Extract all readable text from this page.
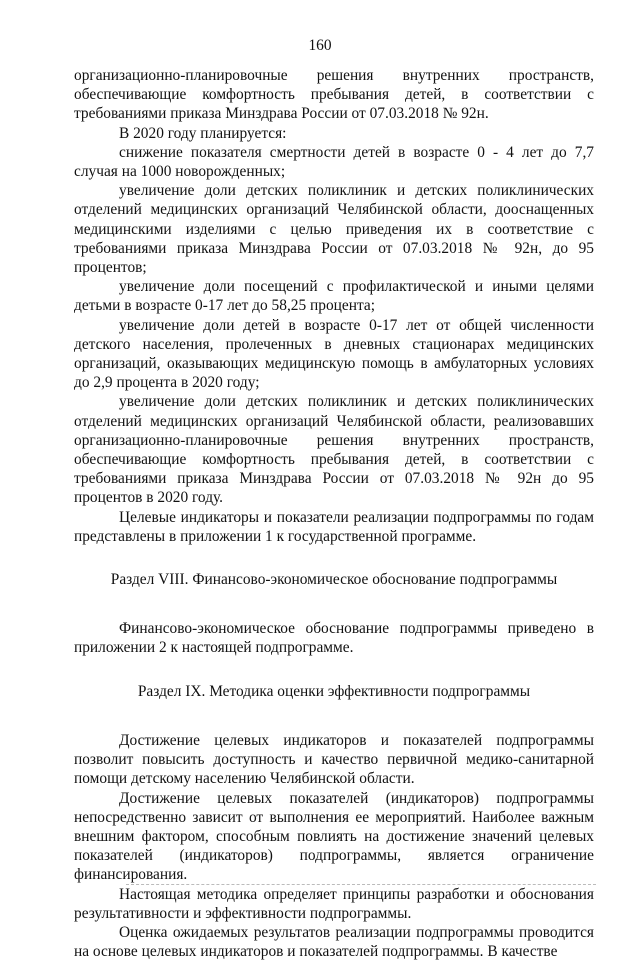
160

организационно-планировочные решения внутренних пространств, обеспечивающие комфортность пребывания детей, в соответствии с требованиями приказа Минздрава России от 07.03.2018 № 92н.

В 2020 году планируется:

снижение показателя смертности детей в возрасте 0 - 4 лет до 7,7 случая на 1000 новорожденных;

увеличение доли детских поликлиник и детских поликлинических отделений медицинских организаций Челябинской области, дооснащенных медицинскими изделиями с целью приведения их в соответствие с требованиями приказа Минздрава России от 07.03.2018 № 92н, до 95 процентов;

увеличение доли посещений с профилактической и иными целями детьми в возрасте 0-17 лет до 58,25 процента;

увеличение доли детей в возрасте 0-17 лет от общей численности детского населения, пролеченных в дневных стационарах медицинских организаций, оказывающих медицинскую помощь в амбулаторных условиях до 2,9 процента в 2020 году;

увеличение доли детских поликлиник и детских поликлинических отделений медицинских организаций Челябинской области, реализовавших организационно-планировочные решения внутренних пространств, обеспечивающие комфортность пребывания детей, в соответствии с требованиями приказа Минздрава России от 07.03.2018 № 92н до 95 процентов в 2020 году.

Целевые индикаторы и показатели реализации подпрограммы по годам представлены в приложении 1 к государственной программе.

Раздел VIII. Финансово-экономическое обоснование подпрограммы

Финансово-экономическое обоснование подпрограммы приведено в приложении 2 к настоящей подпрограмме.

Раздел IX. Методика оценки эффективности подпрограммы

Достижение целевых индикаторов и показателей подпрограммы позволит повысить доступность и качество первичной медико-санитарной помощи детскому населению Челябинской области.

Достижение целевых показателей (индикаторов) подпрограммы непосредственно зависит от выполнения ее мероприятий. Наиболее важным внешним фактором, способным повлиять на достижение значений целевых показателей (индикаторов) подпрограммы, является ограничение финансирования.

Настоящая методика определяет принципы разработки и обоснования результативности и эффективности подпрограммы.

Оценка ожидаемых результатов реализации подпрограммы проводится на основе целевых индикаторов и показателей подпрограммы. В качестве
